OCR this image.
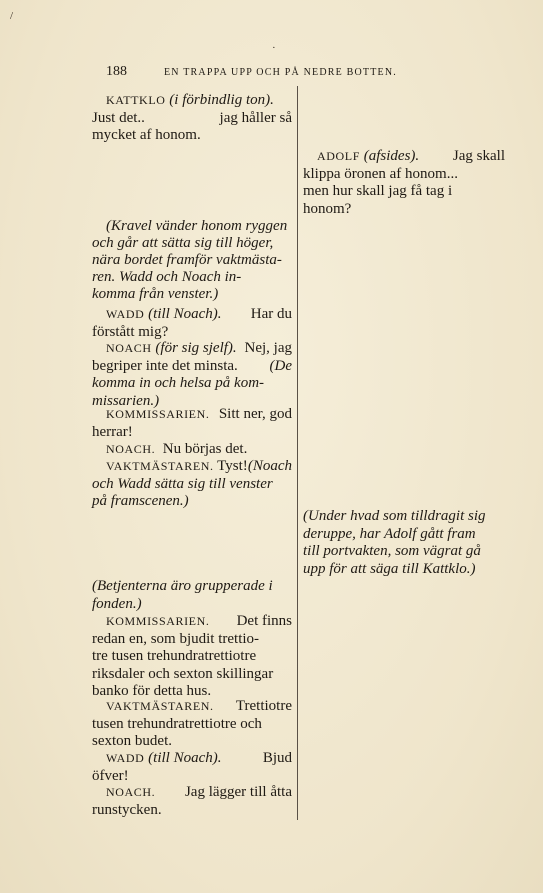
188	EN TRAPPA UPP OCH PÅ NEDRE BOTTEN.
KATTKLO (i förbindlig ton).
Just det..	jag håller så
mycket af honom.
(Kravel vänder honom ryggen
och går att sätta sig till höger,
nära bordet framför vaktmästa-
ren. Wadd och Noach in-
komma från venster.)
WADD (till Noach). Har du
förstått mig?
NOACH (för sig sjelf). Nej, jag
begriper inte det minsta. (De
komma in och helsa på kom-
missarien.)
KOMMISSARIEN. Sitt ner, god
herrar!
NOACH. Nu börjas det.
VAKTMÄSTAREN. Tyst! (Noach
och Wadd sätta sig till venster
på framscenen.)
(Betjenterna äro grupperade i
fonden.)
KOMMISSARIEN. Det finns
redan en, som bjudit trettio-
tre tusen trehundratrettiotre
riksdaler och sexton skillingar
banko för detta hus.
VAKTMÄSTAREN. Trettiotre
tusen trehundratrettiotre och
sexton budet.
WADD (till Noach).	Bjud
öfver!
NOACH. Jag lägger till åtta
runstycken.
ADOLF (afsides). Jag skall
klippa öronen af honom...
men hur skall jag få tag i
honom?
(Under hvad som tilldragit sig
deruppe, har Adolf gått fram
till portvakten, som vägrat gå
upp för att säga till Kattklo.)
/
·
